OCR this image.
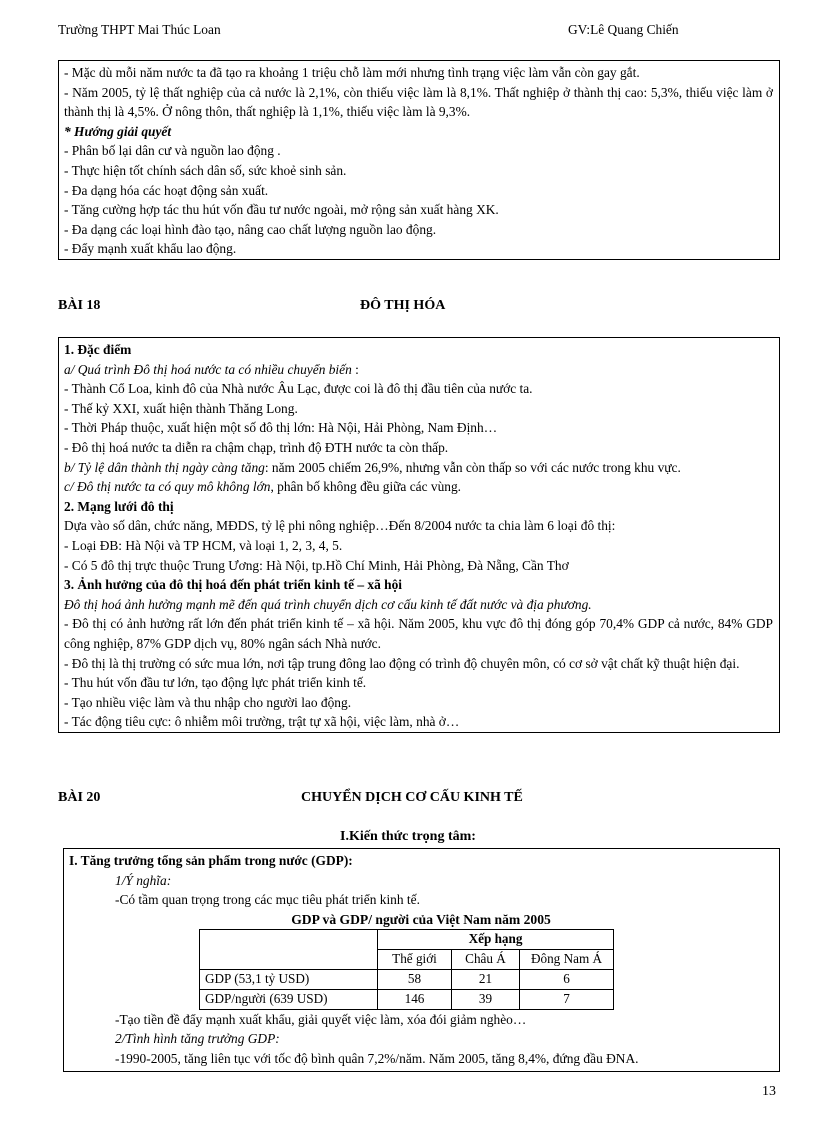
Trường THPT Mai Thúc Loan	GV:Lê Quang Chiến
- Mặc dù mỗi năm nước ta đã tạo ra khoảng 1 triệu chỗ làm mới nhưng tình trạng việc làm vẫn còn gay gắt.
- Năm 2005, tỷ lệ thất nghiệp của cả nước là 2,1%, còn thiếu việc làm là 8,1%. Thất nghiệp ở thành thị cao: 5,3%, thiếu việc làm ở thành thị là 4,5%. Ở nông thôn, thất nghiệp là 1,1%, thiếu việc làm là 9,3%.
* Hướng giải quyết
- Phân bố lại dân cư và nguồn lao động .
- Thực hiện tốt chính sách dân số, sức khoẻ sinh sản.
- Đa dạng hóa các hoạt động sản xuất.
- Tăng cường hợp tác thu hút vốn đầu tư nước ngoài, mở rộng sản xuất hàng XK.
- Đa dạng các loại hình đào tạo, nâng cao chất lượng nguồn lao động.
- Đẩy mạnh xuất khẩu lao động.
BÀI 18	ĐÔ THỊ HÓA
1. Đặc điểm
a/ Quá trình Đô thị hoá nước ta có nhiều chuyển biến :
- Thành Cổ Loa, kinh đô của Nhà nước Âu Lạc, được coi là đô thị đầu tiên của nước ta.
- Thế kỷ XXI, xuất hiện thành Thăng Long.
- Thời Pháp thuộc, xuất hiện một số đô thị lớn: Hà Nội, Hải Phòng, Nam Định…
- Đô thị hoá nước ta diễn ra chậm chạp, trình độ ĐTH nước ta còn thấp.
b/ Tỷ lệ dân thành thị ngày càng tăng: năm 2005 chiếm 26,9%, nhưng vẫn còn thấp so với các nước trong khu vực.
c/ Đô thị nước ta có quy mô không lớn, phân bố không đều giữa các vùng.
2. Mạng lưới đô thị
Dựa vào số dân, chức năng, MĐDS, tỷ lệ phi nông nghiệp…Đến 8/2004 nước ta chia làm 6 loại đô thị:
- Loại ĐB: Hà Nội và TP HCM, và loại 1, 2, 3, 4, 5.
- Có 5 đô thị trực thuộc Trung Ương: Hà Nội, tp.Hồ Chí Minh, Hải Phòng, Đà Nẵng, Cần Thơ
3. Ảnh hưởng của đô thị hoá đến phát triển kinh tế – xã hội
Đô thị hoá ảnh hưởng mạnh mẽ đến quá trình chuyển dịch cơ cấu kinh tế đất nước và địa phương.
- Đô thị có ảnh hưởng rất lớn đến phát triển kinh tế – xã hội. Năm 2005, khu vực đô thị đóng góp 70,4% GDP cả nước, 84% GDP công nghiệp, 87% GDP dịch vụ, 80% ngân sách Nhà nước.
- Đô thị là thị trường có sức mua lớn, nơi tập trung đông lao động có trình độ chuyên môn, có cơ sở vật chất kỹ thuật hiện đại.
- Thu hút vốn đầu tư lớn, tạo động lực phát triển kinh tế.
- Tạo nhiều việc làm và thu nhập cho người lao động.
- Tác động tiêu cực: ô nhiễm môi trường, trật tự xã hội, việc làm, nhà ở…
BÀI 20	CHUYỂN DỊCH CƠ CẤU KINH TẾ
I.Kiến thức trọng tâm:
I. Tăng trưởng tổng sản phẩm trong nước (GDP):
1/Ý nghĩa:
-Có tầm quan trọng trong các mục tiêu phát triển kinh tế.
GDP và GDP/ người của Việt Nam năm 2005
	Xếp hạng		
	Thế giới	Châu Á	Đông Nam Á
GDP (53,1 tỷ USD)	58	21	6
GDP/người (639 USD)	146	39	7
-Tạo tiền đề đẩy mạnh xuất khẩu, giải quyết việc làm, xóa đói giảm nghèo…
2/Tình hình tăng trưởng GDP:
-1990-2005, tăng liên tục với tốc độ bình quân 7,2%/năm. Năm 2005, tăng 8,4%, đứng đầu ĐNA.
13
